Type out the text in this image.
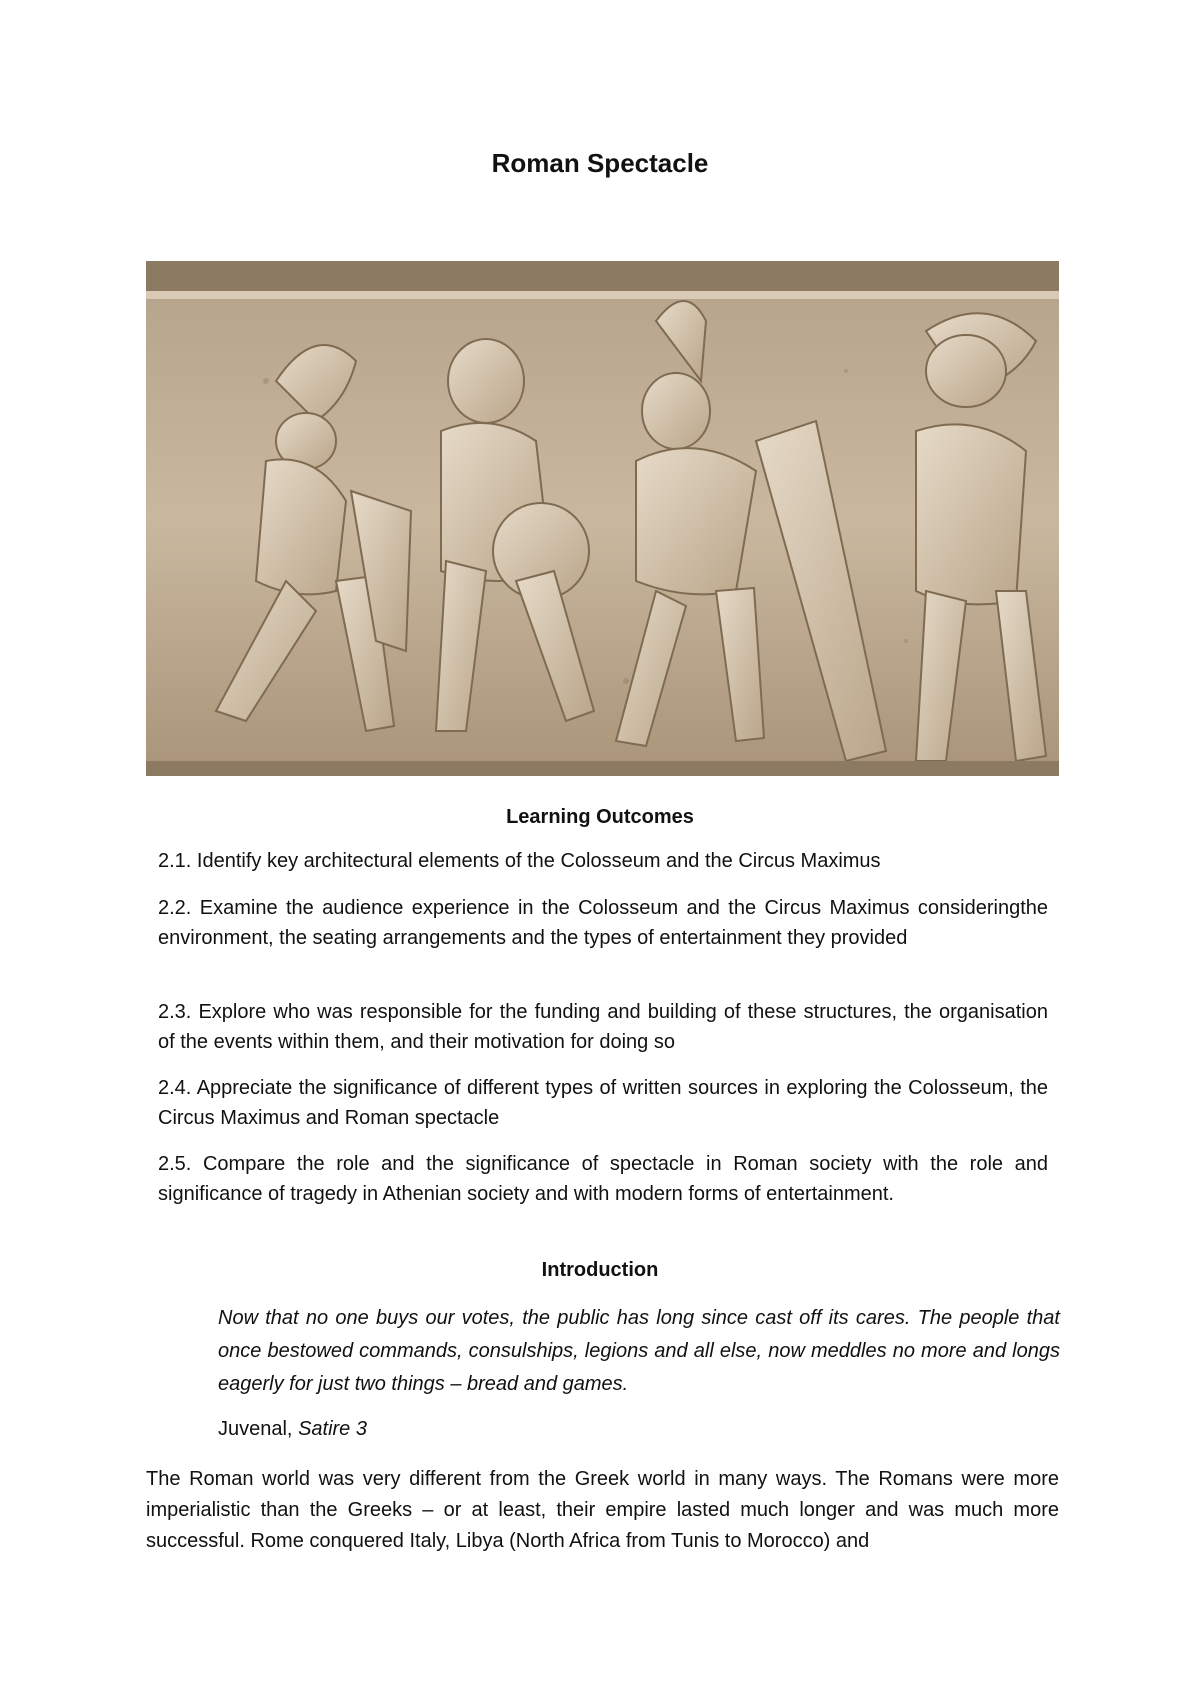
Roman Spectacle
Learning Outcomes
2.1. Identify key architectural elements of the Colosseum and the Circus Maximus
2.2. Examine the audience experience in the Colosseum and the Circus Maximus consideringthe environment, the seating arrangements and the types of entertainment they provided
2.3. Explore who was responsible for the funding and building of these structures, the organisation of the events within them, and their motivation for doing so
2.4. Appreciate the significance of different types of written sources in exploring the Colosseum, the Circus Maximus and Roman spectacle
2.5. Compare the role and the significance of spectacle in Roman society with the role and significance of tragedy in Athenian society and with modern forms of entertainment.
Introduction
Now that no one buys our votes, the public has long since cast off its cares. The people that once bestowed commands, consulships, legions and all else, now meddles no more and longs eagerly for just two things – bread and games.
Juvenal, Satire 3
The Roman world was very different from the Greek world in many ways. The Romans were more imperialistic than the Greeks – or at least, their empire lasted much longer and was much more successful. Rome conquered Italy, Libya (North Africa from Tunis to Morocco) and
